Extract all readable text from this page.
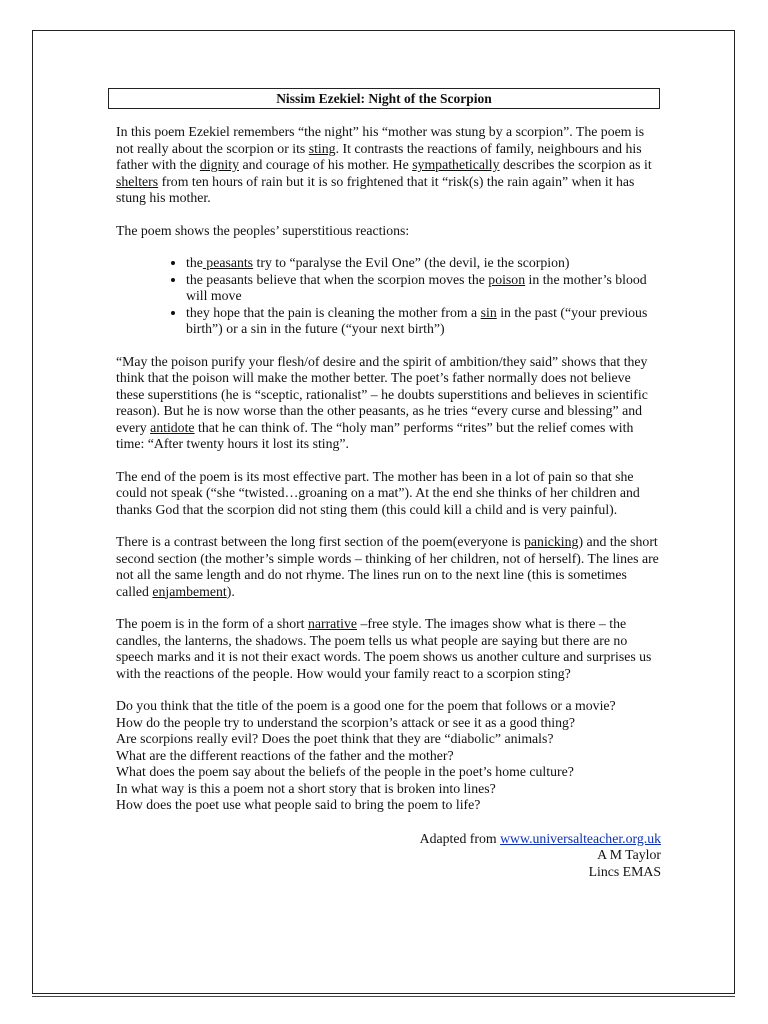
Nissim Ezekiel: Night of the Scorpion

In this poem Ezekiel remembers “the night” his “mother was stung by a scorpion”. The poem is not really about the scorpion or its sting. It contrasts the reactions of family, neighbours and his father with the dignity and courage of his mother. He sympathetically describes the scorpion as it shelters from ten hours of rain but it is so frightened that it “risk(s) the rain again” when it has stung his mother.

The poem shows the peoples’ superstitious reactions:

• the peasants try to “paralyse the Evil One” (the devil, ie the scorpion)
• the peasants believe that when the scorpion moves the poison in the mother’s blood will move
• they hope that the pain is cleaning the mother from a sin in the past (“your previous birth”) or a sin in the future (“your next birth”)

“May the poison purify your flesh/of desire and the spirit of ambition/they said” shows that they think that the poison will make the mother better. The poet’s father normally does not believe these superstitions (he is “sceptic, rationalist” – he doubts superstitions and believes in scientific reason). But he is now worse than the other peasants, as he tries “every curse and blessing” and every antidote that he can think of. The “holy man” performs “rites” but the relief comes with time: “After twenty hours it lost its sting”.

The end of the poem is its most effective part. The mother has been in a lot of pain so that she could not speak (“she “twisted…groaning on a mat”). At the end she thinks of her children and thanks God that the scorpion did not sting them (this could kill a child and is very painful).

There is a contrast between the long first section of the poem(everyone is panicking) and the short second section (the mother’s simple words – thinking of her children, not of herself). The lines are not all the same length and do not rhyme. The lines run on to the next line (this is sometimes called enjambement).

The poem is in the form of a short narrative –free style. The images show what is there – the candles, the lanterns, the shadows. The poem tells us what people are saying but there are no speech marks and it is not their exact words. The poem shows us another culture and surprises us with the reactions of the people. How would your family react to a scorpion sting?

Do you think that the title of the poem is a good one for the poem that follows or a movie?
How do the people try to understand the scorpion’s attack or see it as a good thing?
Are scorpions really evil? Does the poet think that they are “diabolic” animals?
What are the different reactions of the father and the mother?
What does the poem say about the beliefs of the people in the poet’s home culture?
In what way is this a poem not a short story that is broken into lines?
How does the poet use what people said to bring the poem to life?
Adapted from www.universalteacher.org.uk
A M Taylor
Lincs EMAS
